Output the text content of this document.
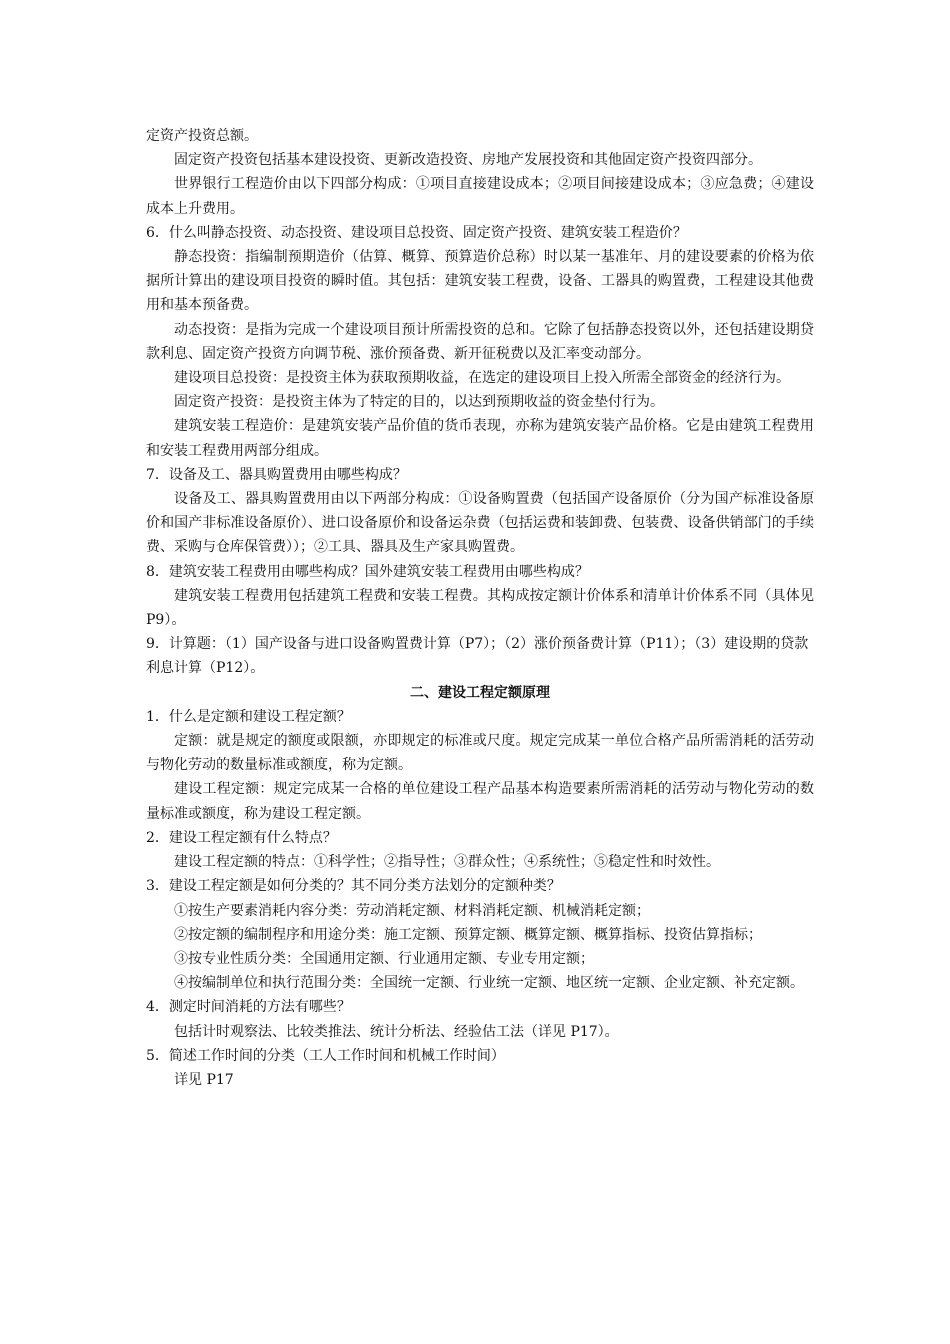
定资产投资总额。

固定资产投资包括基本建设投资、更新改造投资、房地产发展投资和其他固定资产投资四部分。

世界银行工程造价由以下四部分构成：①项目直接建设成本；②项目间接建设成本；③应急费；④建设成本上升费用。

6．什么叫静态投资、动态投资、建设项目总投资、固定资产投资、建筑安装工程造价？

静态投资：指编制预期造价（估算、概算、预算造价总称）时以某一基准年、月的建设要素的价格为依据所计算出的建设项目投资的瞬时值。其包括：建筑安装工程费，设备、工器具的购置费，工程建设其他费用和基本预备费。

动态投资：是指为完成一个建设项目预计所需投资的总和。它除了包括静态投资以外，还包括建设期贷款利息、固定资产投资方向调节税、涨价预备费、新开征税费以及汇率变动部分。

建设项目总投资：是投资主体为获取预期收益，在选定的建设项目上投入所需全部资金的经济行为。

固定资产投资：是投资主体为了特定的目的，以达到预期收益的资金垫付行为。

建筑安装工程造价：是建筑安装产品价值的货币表现，亦称为建筑安装产品价格。它是由建筑工程费用和安装工程费用两部分组成。

7．设备及工、器具购置费用由哪些构成？

设备及工、器具购置费用由以下两部分构成：①设备购置费（包括国产设备原价（分为国产标准设备原价和国产非标准设备原价）、进口设备原价和设备运杂费（包括运费和装卸费、包装费、设备供销部门的手续费、采购与仓库保管费））；②工具、器具及生产家具购置费。

8．建筑安装工程费用由哪些构成？国外建筑安装工程费用由哪些构成？

建筑安装工程费用包括建筑工程费和安装工程费。其构成按定额计价体系和清单计价体系不同（具体见 P9）。

9．计算题：（1）国产设备与进口设备购置费计算（P7）；（2）涨价预备费计算（P11）；（3）建设期的贷款利息计算（P12）。

二、建设工程定额原理

1．什么是定额和建设工程定额？

定额：就是规定的额度或限额，亦即规定的标准或尺度。规定完成某一单位合格产品所需消耗的活劳动与物化劳动的数量标准或额度，称为定额。

建设工程定额：规定完成某一合格的单位建设工程产品基本构造要素所需消耗的活劳动与物化劳动的数量标准或额度，称为建设工程定额。

2．建设工程定额有什么特点？

建设工程定额的特点：①科学性；②指导性；③群众性；④系统性；⑤稳定性和时效性。

3．建设工程定额是如何分类的？其不同分类方法划分的定额种类？

①按生产要素消耗内容分类：劳动消耗定额、材料消耗定额、机械消耗定额；

②按定额的编制程序和用途分类：施工定额、预算定额、概算定额、概算指标、投资估算指标；

③按专业性质分类：全国通用定额、行业通用定额、专业专用定额；

④按编制单位和执行范围分类：全国统一定额、行业统一定额、地区统一定额、企业定额、补充定额。

4．测定时间消耗的方法有哪些？

包括计时观察法、比较类推法、统计分析法、经验估工法（详见 P17）。

5．简述工作时间的分类（工人工作时间和机械工作时间）

详见 P17
